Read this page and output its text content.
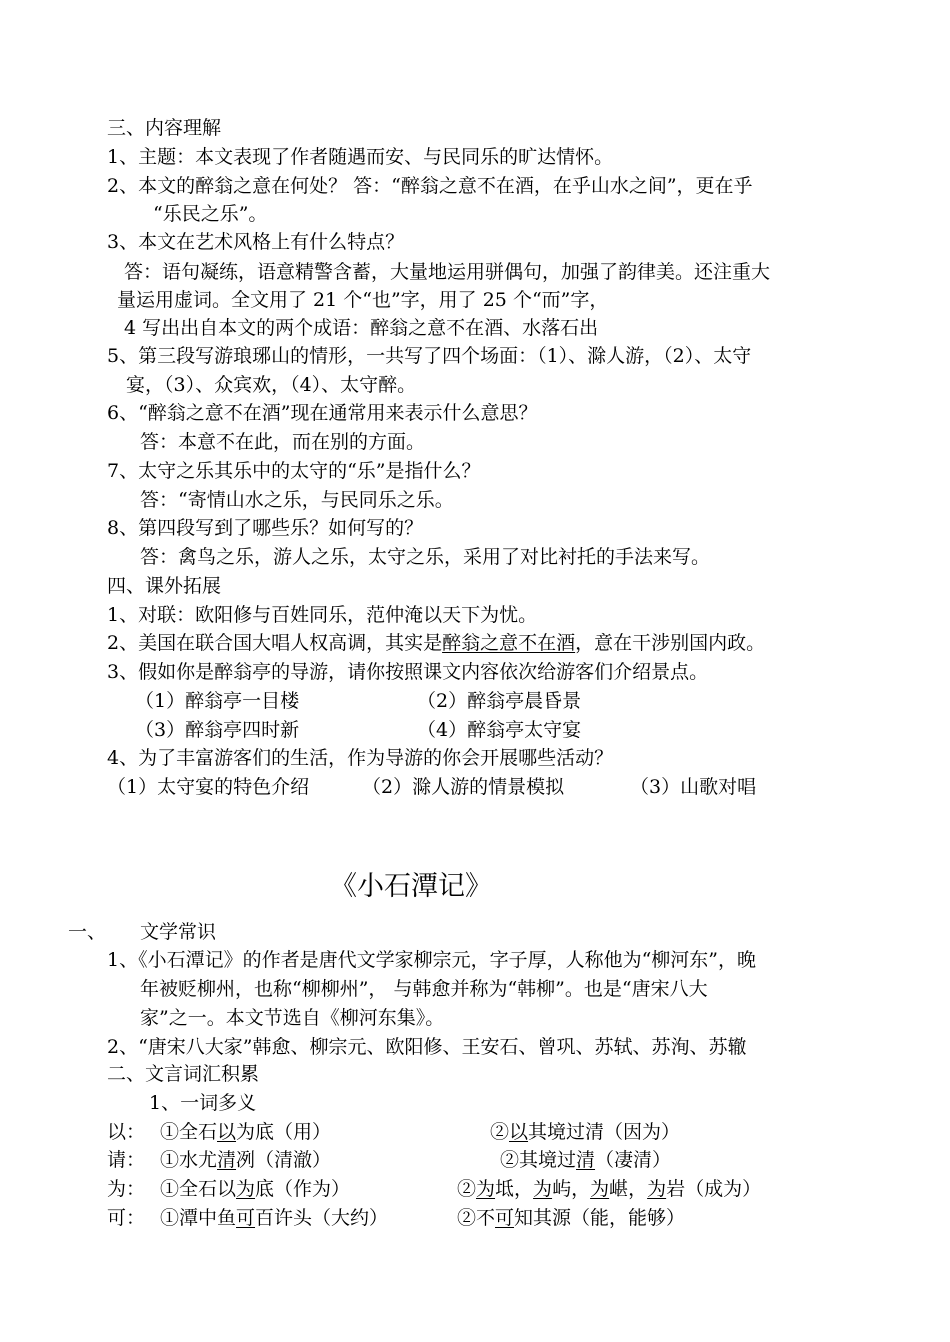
三、内容理解
1、主题：本文表现了作者随遇而安、与民同乐的旷达情怀。
2、本文的醉翁之意在何处？ 答：“醉翁之意不在酒，在乎山水之间”，更在乎
“乐民之乐”。
3、本文在艺术风格上有什么特点？
答：语句凝练，语意精警含蓄，大量地运用骈偶句，加强了韵律美。还注重大
量运用虚词。全文用了 21 个“也”字，用了 25 个“而”字，
4 写出出自本文的两个成语：醉翁之意不在酒、水落石出
5、第三段写游琅琊山的情形，一共写了四个场面：（1）、滁人游，（2）、太守
宴，（3）、众宾欢，（4）、太守醉。
6、“醉翁之意不在酒”现在通常用来表示什么意思？
答：本意不在此，而在别的方面。
7、太守之乐其乐中的太守的“乐”是指什么？
答：“寄情山水之乐，与民同乐之乐。
8、第四段写到了哪些乐？如何写的？
答：禽鸟之乐，游人之乐，太守之乐，采用了对比衬托的手法来写。
四、课外拓展
1、对联：欧阳修与百姓同乐，范仲淹以天下为忧。
2、美国在联合国大唱人权高调，其实是醉翁之意不在酒，意在干涉别国内政。
3、假如你是醉翁亭的导游，请你按照课文内容依次给游客们介绍景点。
（1）醉翁亭一目楼	（2）醉翁亭晨昏景
（3）醉翁亭四时新	（4）醉翁亭太守宴
4、为了丰富游客们的生活，作为导游的你会开展哪些活动？
（1）太守宴的特色介绍	（2）滁人游的情景模拟	（3）山歌对唱
《小石潭记》
一、 文学常识
1、《小石潭记》的作者是唐代文学家柳宗元，字子厚，人称他为“柳河东”，晚
年被贬柳州，也称“柳柳州”， 与韩愈并称为“韩柳”。也是“唐宋八大
家”之一。本文节选自《柳河东集》。
2、“唐宋八大家”韩愈、柳宗元、欧阳修、王安石、曾巩、苏轼、苏洵、苏辙
二、文言词汇积累
1、一词多义
以： ①全石以为底（用）	②以其境过清（因为）
请： ①水尤清冽（清澈）	②其境过清（凄清）
为： ①全石以为底（作为）	②为坻，为屿，为嵁，为岩（成为）
可： ①潭中鱼可百许头（大约）	②不可知其源（能，能够）
